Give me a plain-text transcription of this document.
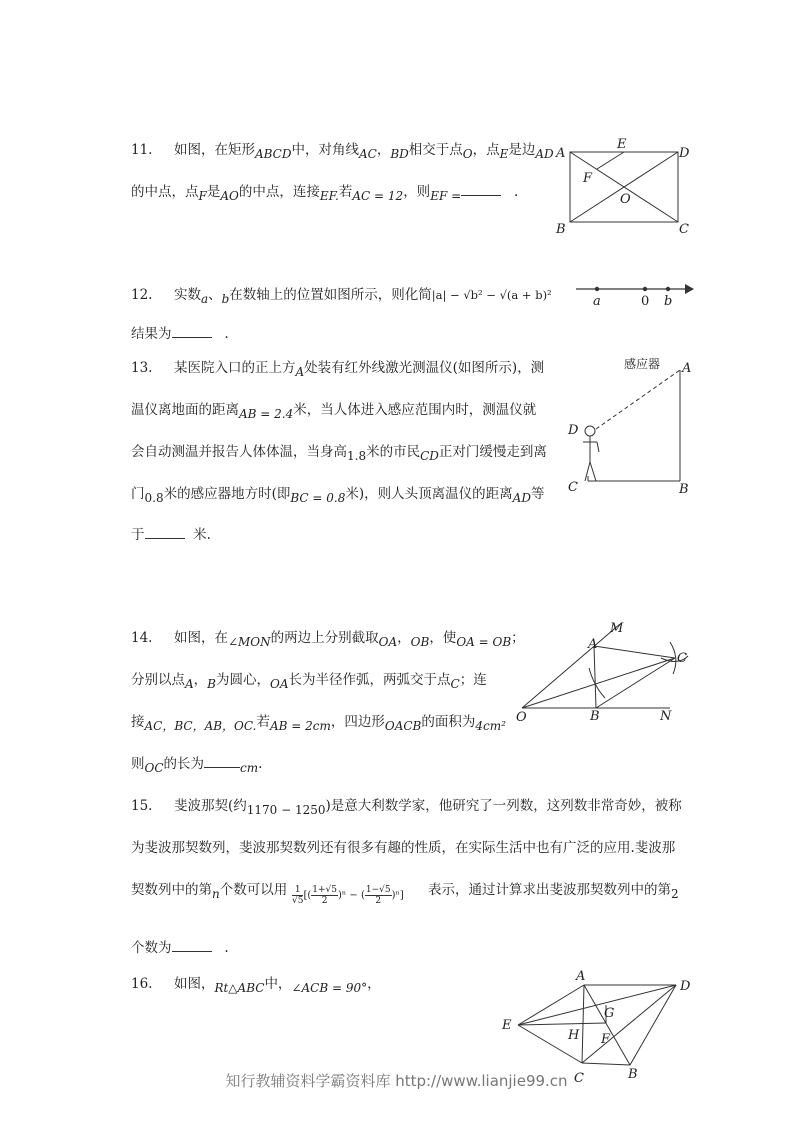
11. 如图，在矩形ABCD中，对角线AC，BD相交于点O，点E是边AD
的中点，点F是AO的中点，连接EF.若AC = 12，则EF =	.
A
E
D
F
O
B	C
12. 实数a、b在数轴上的位置如图所示，则化简|a| − √b² − √(a + b)²
结果为	.
a	0 b
13. 某医院入口的正上方A处装有红外线激光测温仪(如图所示)，测
温仪离地面的距离AB = 2.4米，当人体进入感应范围内时，测温仪就
会自动测温并报告人体体温，当身高1.8米的市民CD正对门缓慢走到离
门0.8米的感应器地方时(即BC = 0.8米)，则人头顶离温仪的距离AD等
于	米.
感应器 A
D
C	B
14. 如图，在∠MON的两边上分别截取OA，OB，使OA = OB；
分别以点A，B为圆心，OA长为半径作弧，两弧交于点C；连
接AC，BC，AB，OC.若AB = 2cm，四边形OACB的面积为4cm²
则OC的长为	cm.
M
A
C
O	B	N
15. 斐波那契(约1170 − 1250)是意大利数学家，他研究了一列数，这列数非常奇妙，被称
为斐波那契数列，斐波那契数列还有很多有趣的性质，在实际生活中也有广泛的应用.斐波那
契数列中的第n个数可以用 $\frac{1}{√5}[( \frac{1+√5}{2})^n$ − ( $\frac{1-√5}{2})^n$] 表示，通过计算求出斐波那契数列中的第2
个数为	.
16. 如图，Rt△ABC中，∠ACB = 90°，	A
D
G
E
H F
C	B
知行教辅资料学霸资料库 http://www.lianjie99.cn
